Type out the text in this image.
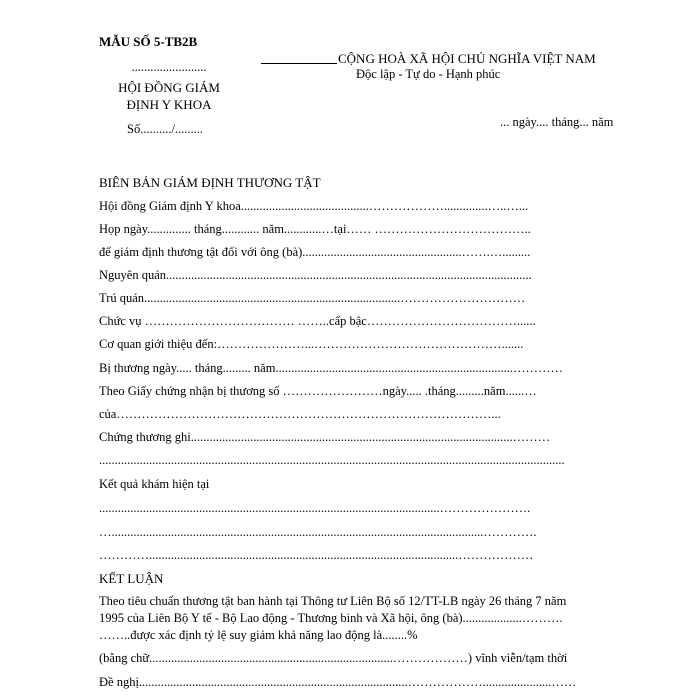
MẪU SỐ 5-TB2B
........................
HỘI ĐỒNG GIÁM
ĐỊNH Y KHOA
Số........../.........
CỘNG HOÀ XÃ HỘI CHỦ NGHĨA VIỆT NAM
Độc lập - Tự do - Hạnh phúc
... ngày.... tháng... năm
BIÊN BẢN GIÁM ĐỊNH THƯƠNG TẬT
Hội đồng Giám định Y khoa.........................................………………..............…..…...
Họp ngày.............. tháng............ năm............…tại…… ………………………………..
để giám định thương tật đối với ông (bà)...................................................…….….........
Nguyên quán.....................................................................................................................
Trú quán..................................................................................…………………………
Chức vụ ……………………………… ……..cấp bậc………………………………......
Cơ quan giới thiệu đến:…………………...……………………………………….......
Bị thương ngày..... tháng......... năm............................................................................…………
Theo Giấy chứng nhận bị thương số ……………………ngày..... .tháng.........năm......…
của………………………………………………………………………………...
Chứng thương ghi.......................................................................................................………
.....................................................................................................................................................
Kết quả khám hiện tại
.............................................................................................................………………….
….......................................................................................................................………….
…………...................................................................................................………………
KẾT LUẬN
Theo tiêu chuẩn thương tật ban hành tại Thông tư Liên Bộ số 12/TT-LB ngày 26 tháng 7 năm
1995 của Liên Bộ Y tế - Bộ Lao động - Thương binh và Xã hội, ông (bà)...................……….
……..được xác định tỷ lệ suy giảm khả năng lao động là........%
(bằng chữ..............................................................................………………) vĩnh viễn/tạm thời
Đề nghị......................................................................................………………......................……
